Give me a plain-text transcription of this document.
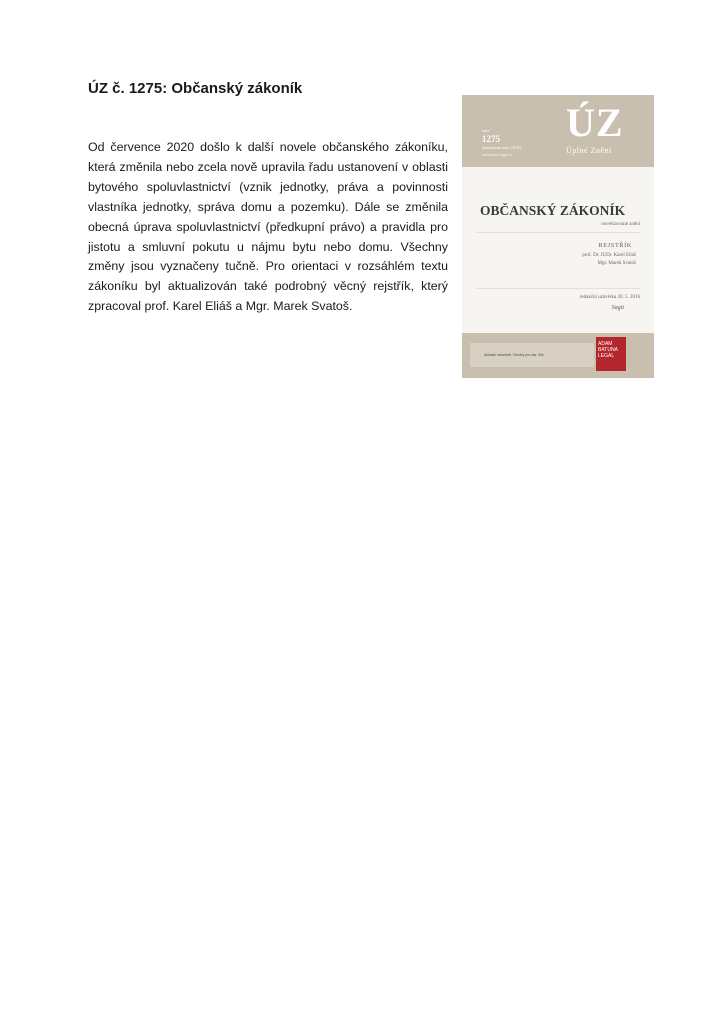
ÚZ č. 1275: Občanský zákoník

Od července 2020 došlo k další novele občanského zákoníku, která změnila nebo zcela nově upravila řadu ustanovení v oblasti bytového spoluvlastnictví (vznik jednotky, práva a povinnosti vlastníka jednotky, správa domu a pozemku). Dále se změnila obecná úprava spoluvlastnictví (předkupní právo) a pravidla pro jistotu a smluvní pokutu u nájmu bytu nebo domu. Všechny změny jsou vyznačeny tučně. Pro orientaci v rozsáhlém textu zákoníku byl aktualizován také podrobný věcný rejstřík, který zpracoval prof. Karel Eliáš a Mgr. Marek Svatoš.

svaz
1275
doporučená cena 139 Kč
www.uzs1.sagit.cz
ÚZ
Úplné Znění
OBČANSKÝ ZÁKONÍK
novelizované znění
REJSTŘÍK
prof. Dr. JUDr. Karel Eliáš
Mgr. Marek Svatoš
redakční uzávěrka 20. 5. 2016
Sagit
Aktuální kanceláři. Vhodný pro vás. Klik
ADAM
BATUNA
LEGAL
